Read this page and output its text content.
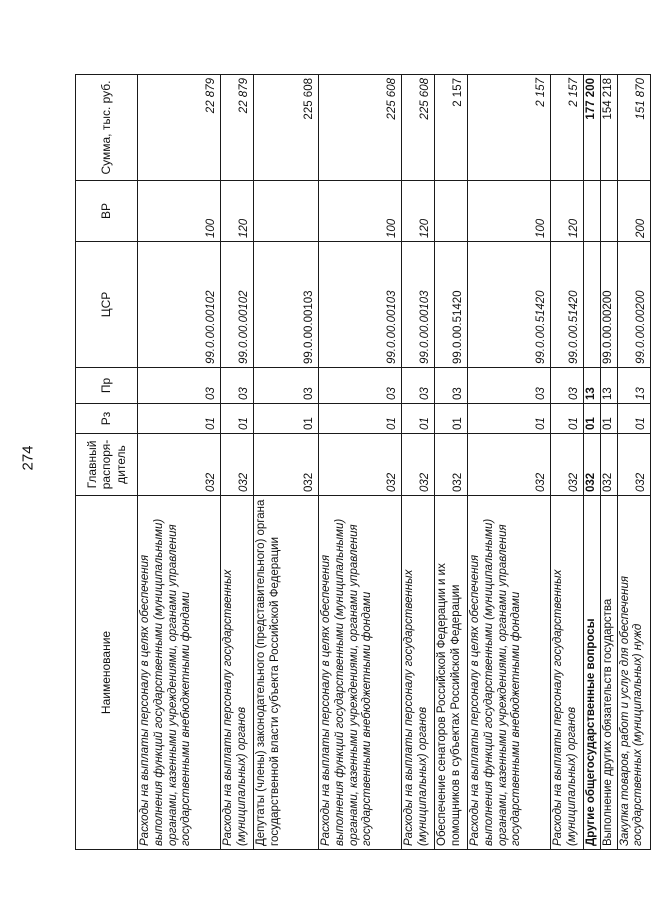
274
Наименование	Главный распоря-дитель	Рз	Пр	ЦСР	ВР	Сумма, тыс. руб.
Расходы на выплаты персоналу в целях обеспечения выполнения функций государственными (муниципальными) органами, казенными учреждениями, органами управления государственными внебюджетными фондами	032	01	03	99.0.00.00102	100	22 879
Расходы на выплаты персоналу государственных (муниципальных) органов	032	01	03	99.0.00.00102	120	22 879
Депутаты (члены) законодательного (представительного) органа государственной власти субъекта Российской Федерации	032	01	03	99.0.00.00103		225 608
Расходы на выплаты персоналу в целях обеспечения выполнения функций государственными (муниципальными) органами, казенными учреждениями, органами управления государственными внебюджетными фондами	032	01	03	99.0.00.00103	100	225 608
Расходы на выплаты персоналу государственных (муниципальных) органов	032	01	03	99.0.00.00103	120	225 608
Обеспечение сенаторов Российской Федерации и их помощников в субъектах Российской Федерации	032	01	03	99.0.00.51420		2 157
Расходы на выплаты персоналу в целях обеспечения выполнения функций государственными (муниципальными) органами, казенными учреждениями, органами управления государственными внебюджетными фондами	032	01	03	99.0.00.51420	100	2 157
Расходы на выплаты персоналу государственных (муниципальных) органов	032	01	03	99.0.00.51420	120	2 157
Другие общегосударственные вопросы	032	01	13			177 200
Выполнение других обязательств государства	032	01	13	99.0.00.00200		154 218
Закупка товаров, работ и услуг для обеспечения государственных (муниципальных) нужд	032	01	13	99.0.00.00200	200	151 870
